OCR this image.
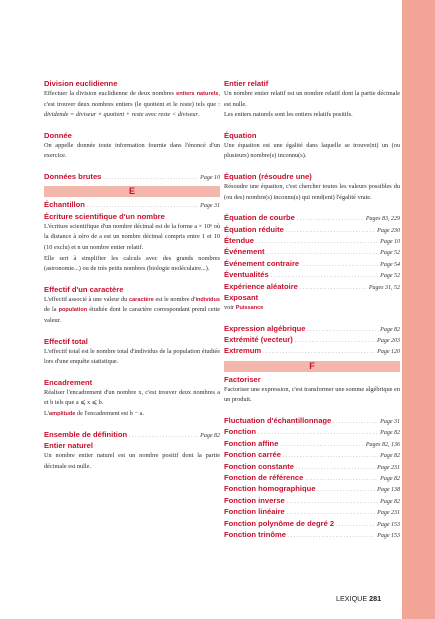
Division euclidienne

Effectuer la division euclidienne de deux nombres entiers naturels, c'est trouver deux nombres entiers (le quotient et le reste) tels que : dividende = diviseur × quotient + reste avec reste < diviseur.

Donnée

On appelle donnée toute information fournie dans l'énoncé d'un exercice.

Données brutes . . .	Page 10
E
Échantillon . . .	Page 31

Écriture scientifique d'un nombre

L'écriture scientifique d'un nombre décimal est de la forme a × 10ⁿ où la distance à zéro de a est un nombre décimal compris entre 1 et 10 (10 exclu) et n un nombre entier relatif.

Elle sert à simplifier les calculs avec des grands nombres (astronomie...) ou de très petits nombres (biologie moléculaire...).

Effectif d'un caractère

L'effectif associé à une valeur du caractère est le nombre d'individus de la population étudiée dont le caractère correspondant prend cette valeur.

Effectif total

L'effectif total est le nombre total d'individus de la population étudiée lors d'une enquête statistique.

Encadrement

Réaliser l'encadrement d'un nombre x, c'est trouver deux nombres a et b tels que a ⩽ x ⩽ b.

L'amplitude de l'encadrement est b − a.

Ensemble de définition . . .	Page 82

Entier naturel

Un nombre entier naturel est un nombre positif dont la partie décimale est nulle.

Entier relatif

Un nombre entier relatif est un nombre relatif dont la partie décimale est nulle.

Les entiers naturels sont les entiers relatifs positifs.

Équation

Une équation est une égalité dans laquelle se trouve(nt) un (ou plusieurs) nombre(s) inconnu(s).

Équation (résoudre une)

Résoudre une équation, c'est chercher toutes les valeurs possibles du (ou des) nombre(s) inconnu(s) qui rend(ent) l'égalité vraie.

Équation de courbe . . .	Pages 83, 229
Équation réduite . . .	Page 230
Étendue . . .	Page 10
Événement . . .	Page 52
Événement contraire . . .	Page 54
Éventualités . . .	Page 52
Expérience aléatoire . . .	Pages 31, 52

Exposant

voir Puissance

Expression algébrique . . .	Page 82
Extrémité (vecteur) . . .	Page 203
Extremum . . .	Page 120
F

Factoriser

Factoriser une expression, c'est transformer une somme algébrique en un produit.

Fluctuation d'échantillonnage . . .	Page 31
Fonction . . .	Page 82
Fonction affine . . .	Pages 82, 136
Fonction carrée . . .	Page 82
Fonction constante . . .	Page 231
Fonction de référence . . .	Page 82
Fonction homographique . . .	Page 138
Fonction inverse . . .	Page 82
Fonction linéaire . . .	Page 231
Fonction polynôme de degré 2 . . .	Page 153
Fonction trinôme . . .	Page 153
LEXIQUE 281
